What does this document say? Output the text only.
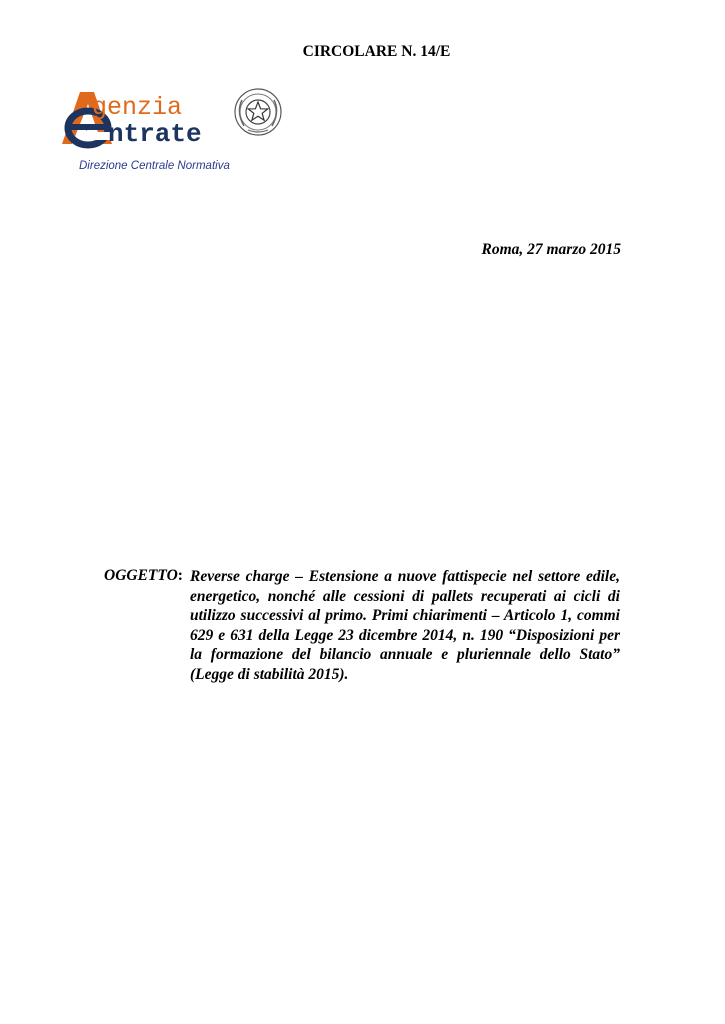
CIRCOLARE N. 14/E
A
e
genzia
ntrate
Direzione Centrale Normativa
Roma, 27 marzo 2015
OGGETTO: Reverse charge – Estensione a nuove fattispecie nel settore edile, energetico, nonché alle cessioni di pallets recuperati ai cicli di utilizzo successivi al primo. Primi chiarimenti – Articolo 1, commi 629 e 631 della Legge 23 dicembre 2014, n. 190 “Disposizioni per la formazione del bilancio annuale e pluriennale dello Stato” (Legge di stabilità 2015).
